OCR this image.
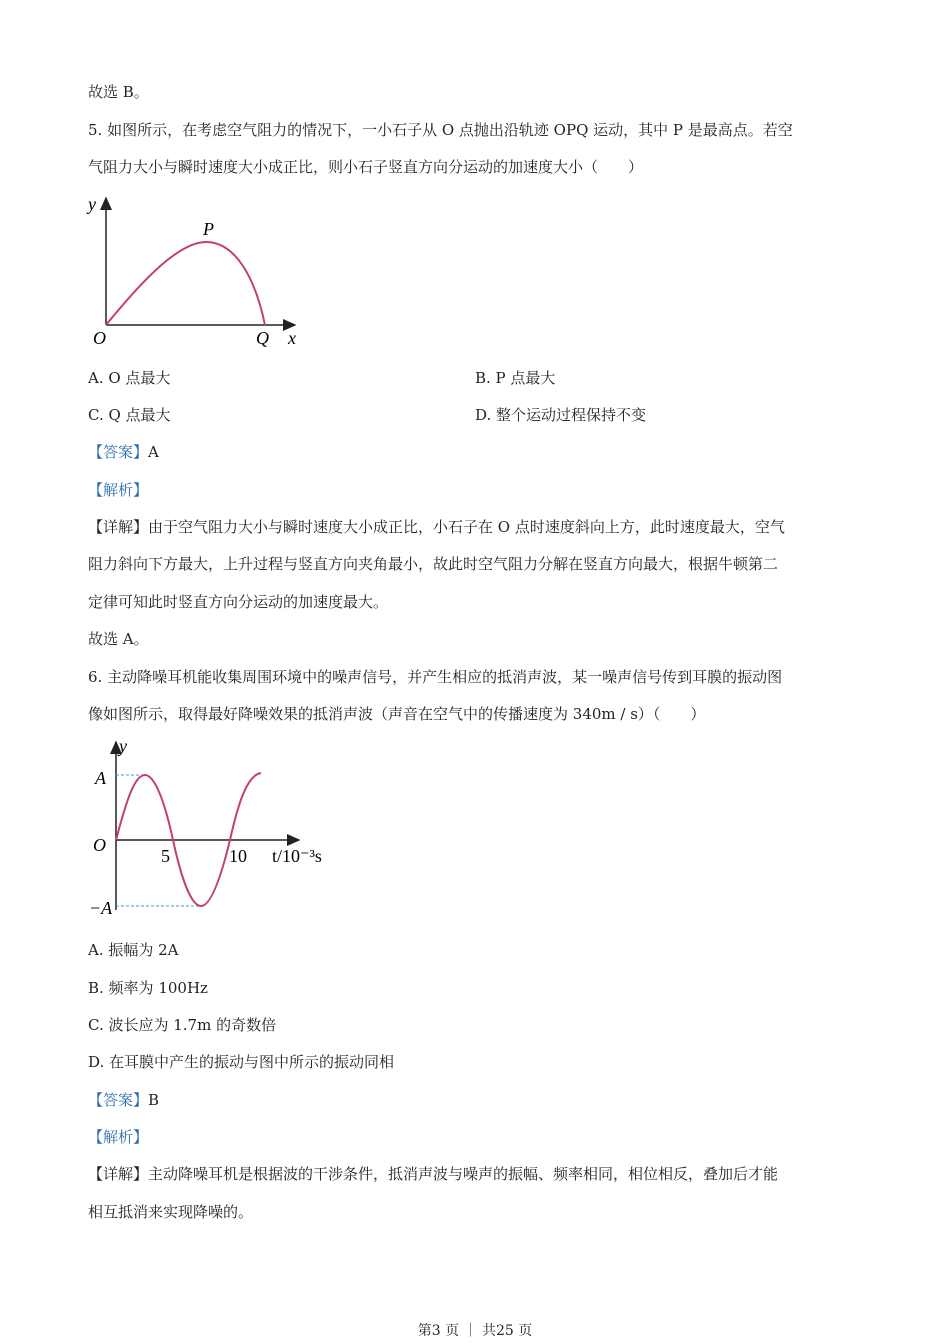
故选 B。
5. 如图所示，在考虑空气阻力的情况下，一小石子从 O 点抛出沿轨迹 OPQ 运动，其中 P 是最高点。若空
气阻力大小与瞬时速度大小成正比，则小石子竖直方向分运动的加速度大小（　　）
y
P
O	Q x
A. O 点最大	B. P 点最大
C. Q 点最大	D. 整个运动过程保持不变
【答案】A
【解析】
【详解】由于空气阻力大小与瞬时速度大小成正比，小石子在 O 点时速度斜向上方，此时速度最大，空气
阻力斜向下方最大，上升过程与竖直方向夹角最小，故此时空气阻力分解在竖直方向最大，根据牛顿第二
定律可知此时竖直方向分运动的加速度最大。
故选 A。
6. 主动降噪耳机能收集周围环境中的噪声信号，并产生相应的抵消声波，某一噪声信号传到耳膜的振动图
像如图所示，取得最好降噪效果的抵消声波（声音在空气中的传播速度为 340m / s）（　　）
y
A
O
−A
5	10 t/10⁻³s
A. 振幅为 2A
B. 频率为 100Hz
C. 波长应为 1.7m 的奇数倍
D. 在耳膜中产生的振动与图中所示的振动同相
【答案】B
【解析】
【详解】主动降噪耳机是根据波的干涉条件，抵消声波与噪声的振幅、频率相同，相位相反，叠加后才能
相互抵消来实现降噪的。
第3 页 ｜ 共25 页
